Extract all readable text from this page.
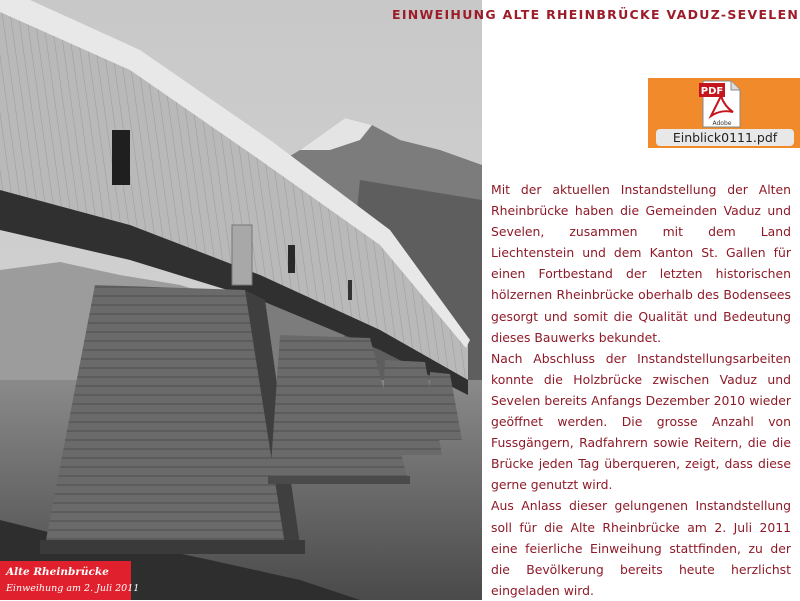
EINWEIHUNG ALTE RHEINBRÜCKE VADUZ-SEVELEN
PDF
Adobe
Einblick0111.pdf

Mit der aktuellen Instandstellung der Alten Rheinbrücke haben die Gemeinden Vaduz und Sevelen, zusammen mit dem Land Liechtenstein und dem Kanton St. Gallen für einen Fortbestand der letzten historischen hölzernen Rheinbrücke oberhalb des Bodensees gesorgt und somit die Qualität und Bedeutung dieses Bauwerks bekundet.

Nach Abschluss der Instandstellungsarbeiten konnte die Holzbrücke zwischen Vaduz und Sevelen bereits Anfangs Dezember 2010 wieder geöffnet werden. Die grosse Anzahl von Fussgängern, Radfahrern sowie Reitern, die die Brücke jeden Tag überqueren, zeigt, dass diese gerne genutzt wird.

Aus Anlass dieser gelungenen Instandstellung soll für die Alte Rheinbrücke am 2. Juli 2011 eine feierliche Einweihung stattfinden, zu der die Bevölkerung bereits heute herzlichst eingeladen wird.

Alte Rheinbrücke
Einweihung am 2. Juli 2011
